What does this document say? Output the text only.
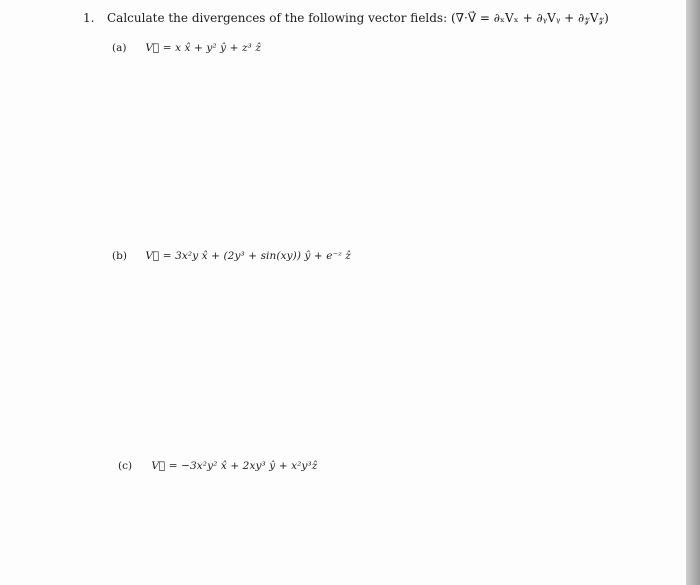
1. Calculate the divergences of the following vector fields: (∇·V⃗ = ∂ₓVₓ + ∂ᵧVᵧ + ∂𝓏V𝓏)
(a) V⃗ = x x̂ + y² ŷ + z³ ẑ
(b) V⃗ = 3x²y x̂ + (2y³ + sin(xy)) ŷ + e⁻ᶻ ẑ
(c) V⃗ = −3x²y² x̂ + 2xy³ ŷ + x²y³ẑ
